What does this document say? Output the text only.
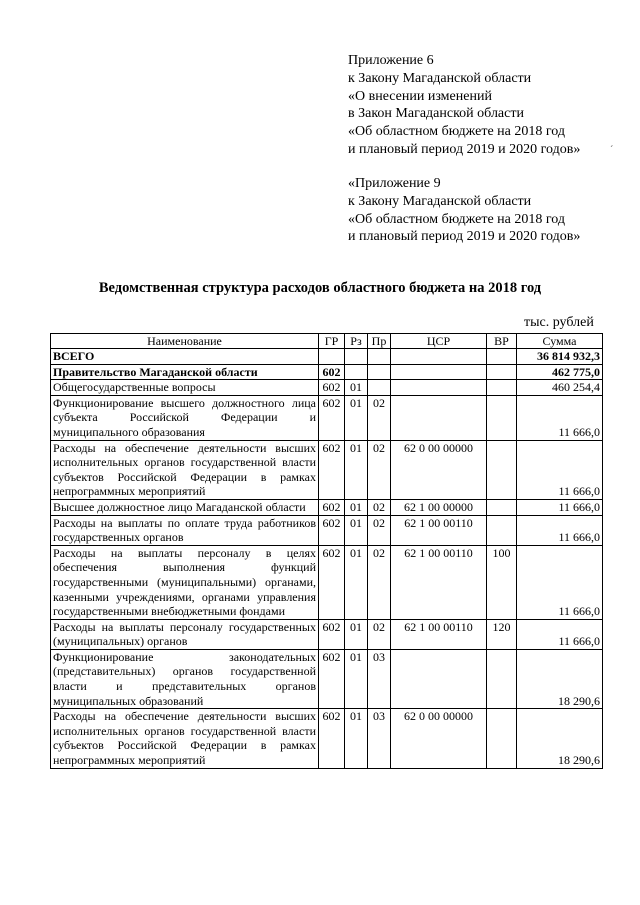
Приложение 6
к Закону Магаданской области
«О внесении изменений
в Закон Магаданской области
«Об областном бюджете на 2018 год
и плановый период 2019 и 2020 годов»	´
«Приложение 9
к Закону Магаданской области
«Об областном бюджете на 2018 год
и плановый период 2019 и 2020 годов»
Ведомственная структура расходов областного бюджета на 2018 год
тыс. рублей
Наименование	ГР	Рз	Пр	ЦСР	ВР	Сумма
ВСЕГО						36 814 932,3
Правительство Магаданской области	602					462 775,0
Общегосударственные вопросы	602	01				460 254,4
Функционирование высшего должностного лица субъекта Российской Федерации и муниципального образования	602	01	02			11 666,0
Расходы на обеспечение деятельности высших исполнительных органов государственной власти субъектов Российской Федерации в рамках непрограммных мероприятий	602	01	02	62 0 00 00000		11 666,0
Высшее должностное лицо Магаданской области	602	01	02	62 1 00 00000		11 666,0
Расходы на выплаты по оплате труда работников государственных органов	602	01	02	62 1 00 00110		11 666,0
Расходы на выплаты персоналу в целях обеспечения выполнения функций государственными (муниципальными) органами, казенными учреждениями, органами управления государственными внебюджетными фондами	602	01	02	62 1 00 00110	100	11 666,0
Расходы на выплаты персоналу государственных (муниципальных) органов	602	01	02	62 1 00 00110	120	11 666,0
Функционирование законодательных (представительных) органов государственной власти и представительных органов муниципальных образований	602	01	03			18 290,6
Расходы на обеспечение деятельности высших исполнительных органов государственной власти субъектов Российской Федерации в рамках непрограммных мероприятий	602	01	03	62 0 00 00000		18 290,6
